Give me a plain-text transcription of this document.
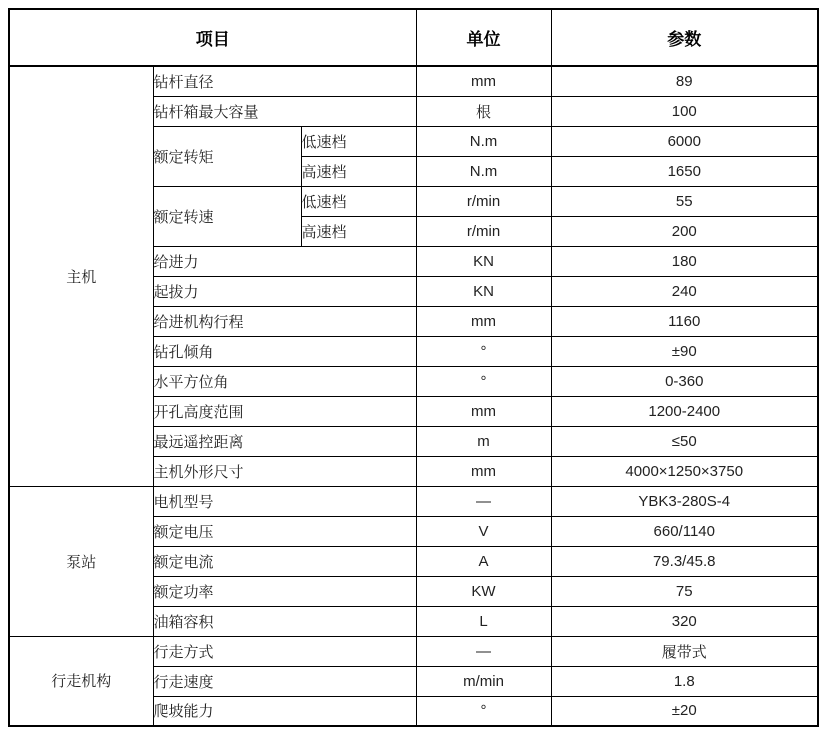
项目			单位	参数
主机	钻杆直径		mm	89
	钻杆箱最大容量		根	100
	额定转矩	低速档	N.m	6000
		高速档	N.m	1650
	额定转速	低速档	r/min	55
		高速档	r/min	200
	给进力		KN	180
	起拔力		KN	240
	给进机构行程		mm	1160
	钻孔倾角		°	±90
	水平方位角		°	0-360
	开孔高度范围		mm	1200-2400
	最远遥控距离		m	≤50
	主机外形尺寸		mm	4000×1250×3750
泵站	电机型号		—	YBK3-280S-4
	额定电压		V	660/1140
	额定电流		A	79.3/45.8
	额定功率		KW	75
	油箱容积		L	320
行走机构	行走方式		—	履带式
	行走速度		m/min	1.8
	爬坡能力		°	±20
